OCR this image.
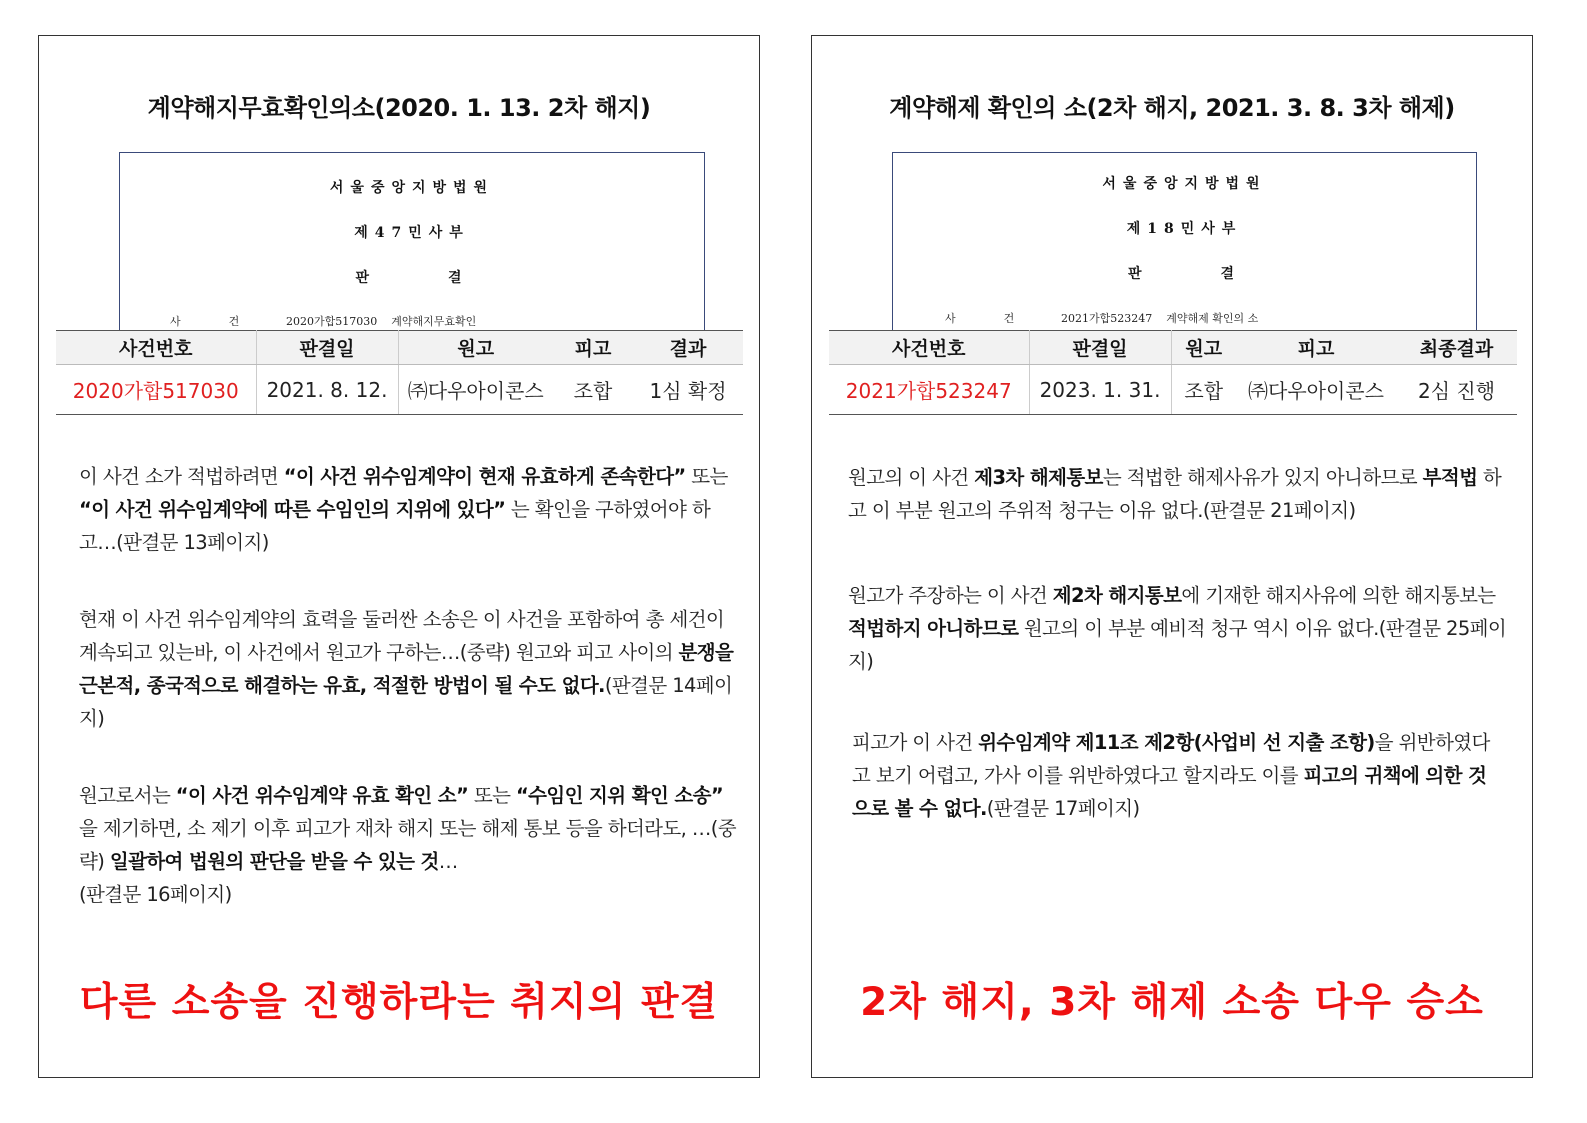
계약해지무효확인의소(2020. 1. 13. 2차 해지)
서울중앙지방법원
제47민사부
판	결
사건2020가합517030 계약해지무효확인
사건번호	판결일	원고	피고	결과
2020가합517030	2021. 8. 12.	㈜다우아이콘스	조합	1심 확정
이 사건 소가 적법하려면 “이 사건 위수임계약이 현재 유효하게 존속한다” 또는 “이 사건 위수임계약에 따른 수임인의 지위에 있다” 는 확인을 구하였어야 하고…(판결문 13페이지)
현재 이 사건 위수임계약의 효력을 둘러싼 소송은 이 사건을 포함하여 총 세건이 계속되고 있는바, 이 사건에서 원고가 구하는…(중략) 원고와 피고 사이의 분쟁을 근본적, 종국적으로 해결하는 유효, 적절한 방법이 될 수도 없다.(판결문 14페이지)
원고로서는 “이 사건 위수임계약 유효 확인 소” 또는 “수임인 지위 확인 소송” 을 제기하면, 소 제기 이후 피고가 재차 해지 또는 해제 통보 등을 하더라도, …(중략) 일괄하여 법원의 판단을 받을 수 있는 것…
(판결문 16페이지)
다른 소송을 진행하라는 취지의 판결
계약해제 확인의 소(2차 해지, 2021. 3. 8. 3차 해제)
서울중앙지방법원
제18민사부
판	결
사건2021가합523247 계약해제 확인의 소
사건번호	판결일	원고	피고	최종결과
2021가합523247	2023. 1. 31.	조합	㈜다우아이콘스	2심 진행
원고의 이 사건 제3차 해제통보는 적법한 해제사유가 있지 아니하므로 부적법 하고 이 부분 원고의 주위적 청구는 이유 없다.(판결문 21페이지)
원고가 주장하는 이 사건 제2차 해지통보에 기재한 해지사유에 의한 해지통보는 적법하지 아니하므로 원고의 이 부분 예비적 청구 역시 이유 없다.(판결문 25페이지)
피고가 이 사건 위수임계약 제11조 제2항(사업비 선 지출 조항)을 위반하였다고 보기 어렵고, 가사 이를 위반하였다고 할지라도 이를 피고의 귀책에 의한 것으로 볼 수 없다.(판결문 17페이지)
2차 해지, 3차 해제 소송 다우 승소
